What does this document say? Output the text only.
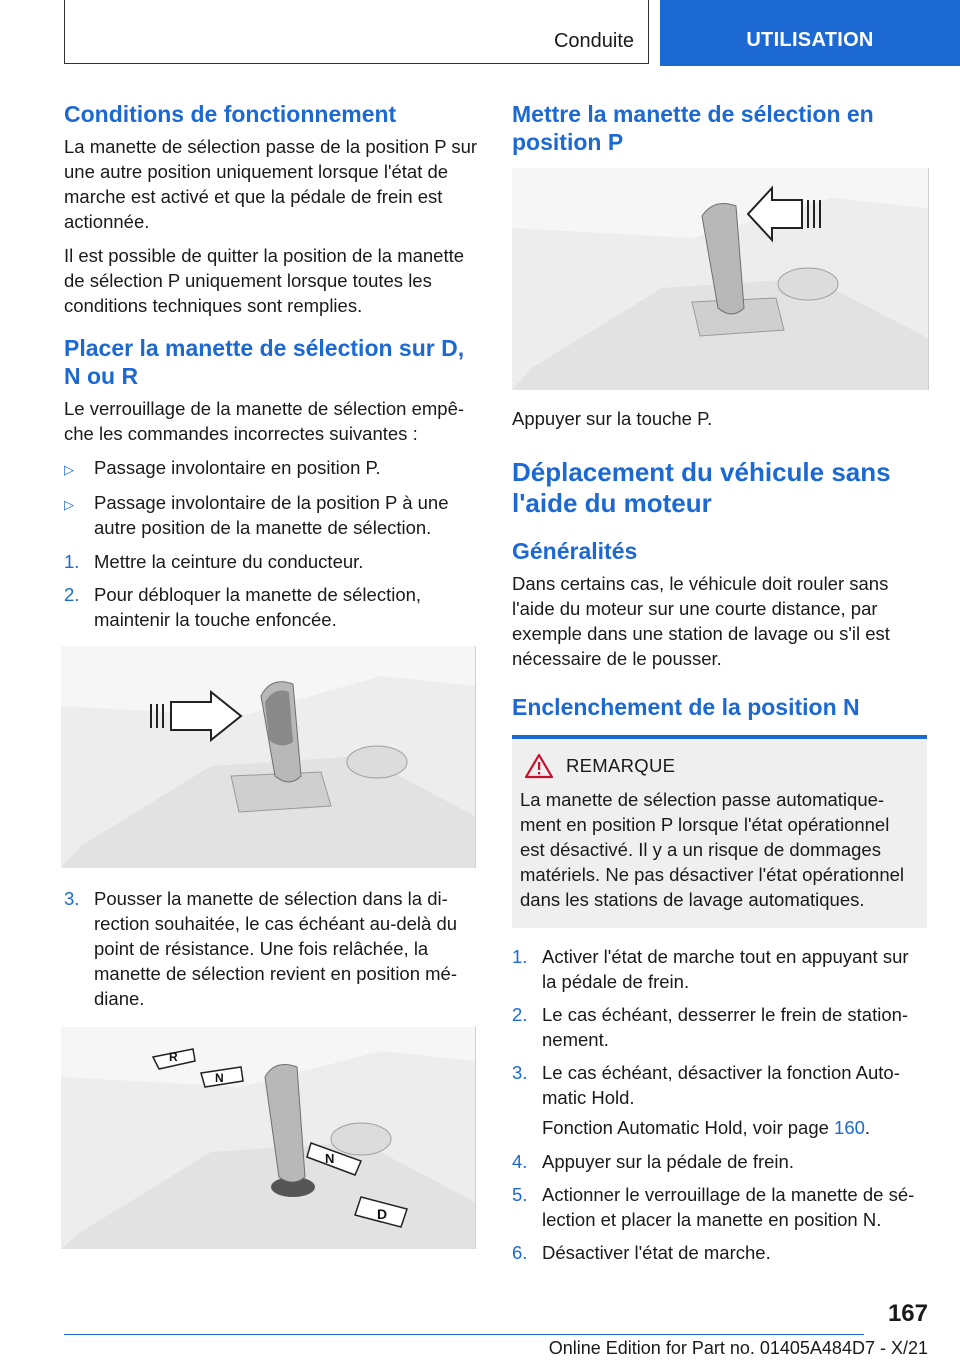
Conduite	UTILISATION
Conditions de fonctionnement

La manette de sélection passe de la position P sur une autre position uniquement lorsque l'état de marche est activé et que la pédale de frein est actionnée.

Il est possible de quitter la position de la manette de sélection P uniquement lorsque toutes les conditions techniques sont remplies.

Placer la manette de sélection sur D, N ou R

Le verrouillage de la manette de sélection empê‐che les commandes incorrectes suivantes :

▷	Passage involontaire en position P.
▷	Passage involontaire de la position P à une autre position de la manette de sélection.
1. Mettre la ceinture du conducteur.
2. Pour débloquer la manette de sélection, maintenir la touche enfoncée.
3. Pousser la manette de sélection dans la di‐rection souhaitée, le cas échéant au-delà du point de résistance. Une fois relâchée, la manette de sélection revient en position mé‐diane.
R
N
N
D
Mettre la manette de sélection en position P

Appuyer sur la touche P.

Déplacement du véhicule sans l'aide du moteur
Généralités

Dans certains cas, le véhicule doit rouler sans l'aide du moteur sur une courte distance, par exemple dans une station de lavage ou s'il est nécessaire de le pousser.

Enclenchement de la position N
REMARQUE

La manette de sélection passe automatique‐ment en position P lorsque l'état opérationnel est désactivé. Il y a un risque de dommages matériels. Ne pas désactiver l'état opérationnel dans les stations de lavage automatiques.

1. Activer l'état de marche tout en appuyant sur la pédale de frein.
2. Le cas échéant, desserrer le frein de station‐nement.
3. Le cas échéant, désactiver la fonction Auto‐matic Hold.

Fonction Automatic Hold, voir page 160.

4. Appuyer sur la pédale de frein.
5. Actionner le verrouillage de la manette de sé‐lection et placer la manette en position N.
6. Désactiver l'état de marche.
167
Online Edition for Part no. 01405A484D7 - X/21
